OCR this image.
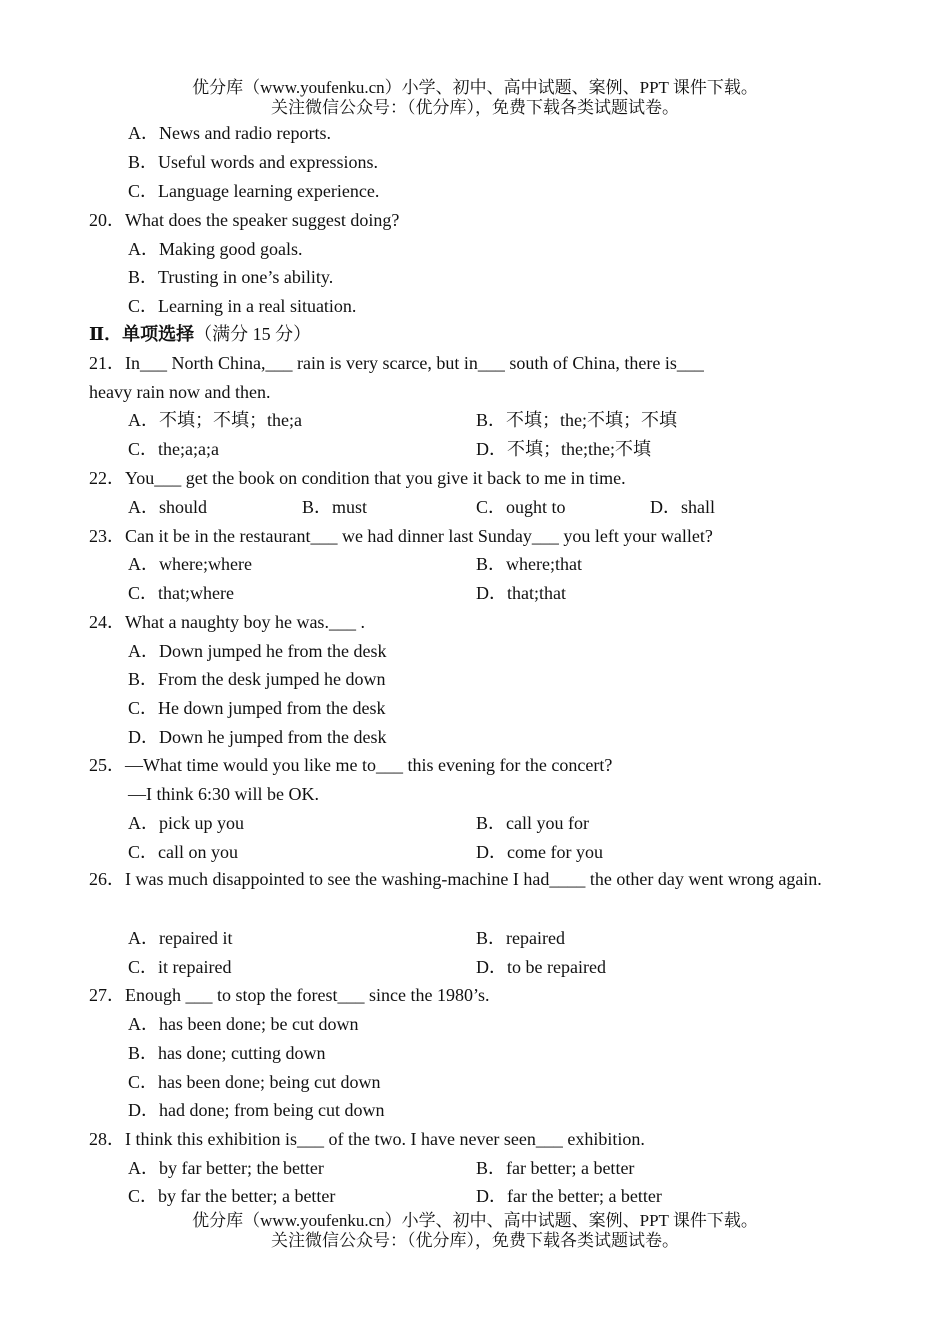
优分库（www.youfenku.cn）小学、初中、高中试题、案例、PPT 课件下载。
关注微信公众号：（优分库），免费下载各类试题试卷。
A．News and radio reports.
B．Useful words and expressions.
C．Language learning experience.
20．What does the speaker suggest doing?
A．Making good goals.
B．Trusting in one’s ability.
C．Learning in a real situation.
Ⅱ．单项选择（满分 15 分）
21．In___ North China,___ rain is very scarce, but in___ south of China, there is___
heavy rain now and then.
A．不填；不填；the;a	B．不填；the;不填；不填
C．the;a;a;a	D．不填；the;the;不填
22．You___ get the book on condition that you give it back to me in time.
A．should	B．must	C．ought to	D．shall
23．Can it be in the restaurant___ we had dinner last Sunday___ you left your wallet?
A．where;where	B．where;that
C．that;where	D．that;that
24．What a naughty boy he was.___ .
A．Down jumped he from the desk
B．From the desk jumped he down
C．He down jumped from the desk
D．Down he jumped from the desk
25．—What time would you like me to___ this evening for the concert?
—I think 6:30 will be OK.
A．pick up you	B．call you for
C．call on you	D．come for you
26．I was much disappointed to see the washing-machine I had____ the other day went wrong again.
A．repaired it	B．repaired
C．it repaired	D．to be repaired
27．Enough ___ to stop the forest___ since the 1980’s.
A．has been done; be cut down
B．has done; cutting down
C．has been done; being cut down
D．had done; from being cut down
28．I think this exhibition is___ of the two. I have never seen___ exhibition.
A．by far better; the better	B．far better; a better
C．by far the better; a better	D．far the better; a better
优分库（www.youfenku.cn）小学、初中、高中试题、案例、PPT 课件下载。
关注微信公众号：（优分库），免费下载各类试题试卷。
